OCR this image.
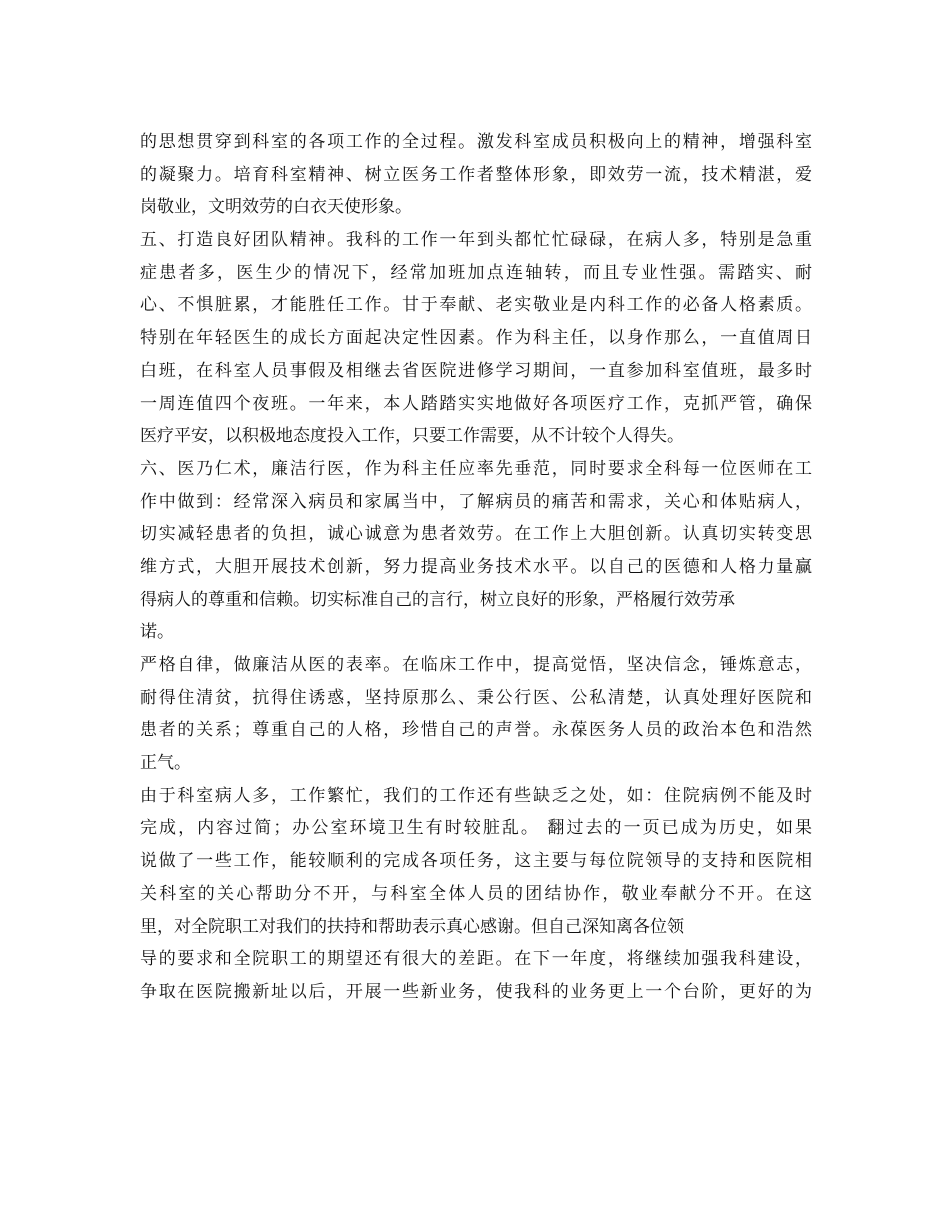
的思想贯穿到科室的各项工作的全过程。激发科室成员积极向上的精神，增强科室
的凝聚力。培育科室精神、树立医务工作者整体形象，即效劳一流，技术精湛，爱
岗敬业，文明效劳的白衣天使形象。
五、打造良好团队精神。我科的工作一年到头都忙忙碌碌，在病人多，特别是急重
症患者多，医生少的情况下，经常加班加点连轴转，而且专业性强。需踏实、耐
心、不惧脏累，才能胜任工作。甘于奉献、老实敬业是内科工作的必备人格素质。
特别在年轻医生的成长方面起决定性因素。作为科主任，以身作那么，一直值周日
白班，在科室人员事假及相继去省医院进修学习期间，一直参加科室值班，最多时
一周连值四个夜班。一年来，本人踏踏实实地做好各项医疗工作，克抓严管，确保
医疗平安，以积极地态度投入工作，只要工作需要，从不计较个人得失。
六、医乃仁术，廉洁行医，作为科主任应率先垂范，同时要求全科每一位医师在工
作中做到：经常深入病员和家属当中，了解病员的痛苦和需求，关心和体贴病人，
切实减轻患者的负担，诚心诚意为患者效劳。在工作上大胆创新。认真切实转变思
维方式，大胆开展技术创新，努力提高业务技术水平。以自己的医德和人格力量赢
得病人的尊重和信赖。切实标准自己的言行，树立良好的形象，严格履行效劳承
诺。
严格自律，做廉洁从医的表率。在临床工作中，提高觉悟，坚决信念，锤炼意志，
耐得住清贫，抗得住诱惑，坚持原那么、秉公行医、公私清楚，认真处理好医院和
患者的关系；尊重自己的人格，珍惜自己的声誉。永葆医务人员的政治本色和浩然
正气。
由于科室病人多，工作繁忙，我们的工作还有些缺乏之处，如：住院病例不能及时
完成，内容过简；办公室环境卫生有时较脏乱。 翻过去的一页已成为历史，如果
说做了一些工作，能较顺利的完成各项任务，这主要与每位院领导的支持和医院相
关科室的关心帮助分不开，与科室全体人员的团结协作，敬业奉献分不开。在这
里，对全院职工对我们的扶持和帮助表示真心感谢。但自己深知离各位领
导的要求和全院职工的期望还有很大的差距。在下一年度，将继续加强我科建设，
争取在医院搬新址以后，开展一些新业务，使我科的业务更上一个台阶，更好的为
